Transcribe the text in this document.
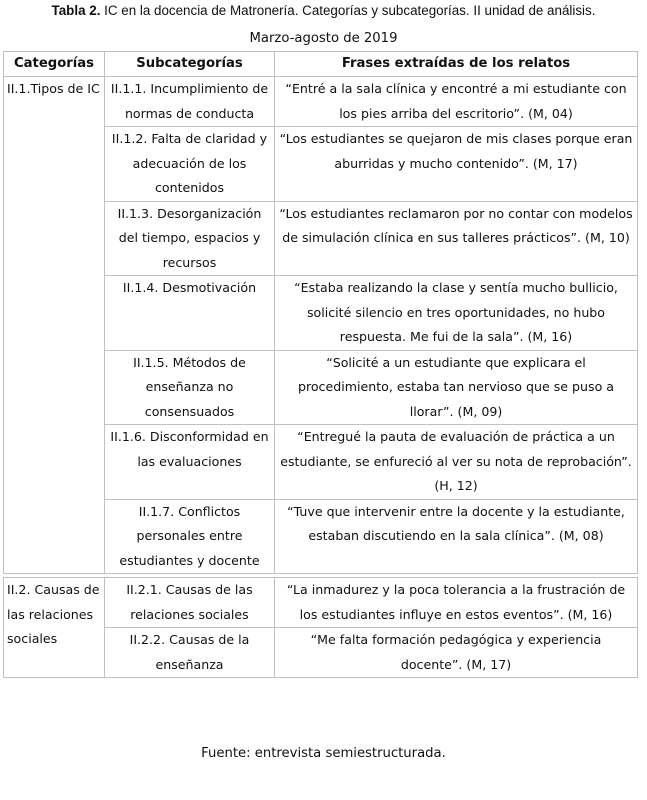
Tabla 2. IC en la docencia de Matronería. Categorías y subcategorías. II unidad de análisis.
Marzo-agosto de 2019
Categorías	Subcategorías	Frases extraídas de los relatos
II.1.Tipos de IC	II.1.1. Incumplimiento de normas de conducta	“Entré a la sala clínica y encontré a mi estudiante con los pies arriba del escritorio”. (M, 04)
	II.1.2. Falta de claridad y adecuación de los contenidos	“Los estudiantes se quejaron de mis clases porque eran aburridas y mucho contenido”. (M, 17)
	II.1.3. Desorganización del tiempo, espacios y recursos	“Los estudiantes reclamaron por no contar con modelos de simulación clínica en sus talleres prácticos”. (M, 10)
	II.1.4. Desmotivación	“Estaba realizando la clase y sentía mucho bullicio, solicité silencio en tres oportunidades, no hubo respuesta. Me fui de la sala”. (M, 16)
	II.1.5. Métodos de enseñanza no consensuados	“Solicité a un estudiante que explicara el procedimiento, estaba tan nervioso que se puso a llorar”. (M, 09)
	II.1.6. Disconformidad en las evaluaciones	“Entregué la pauta de evaluación de práctica a un estudiante, se enfureció al ver su nota de reprobación”. (H, 12)
	II.1.7. Conflictos personales entre estudiantes y docente	“Tuve que intervenir entre la docente y la estudiante, estaban discutiendo en la sala clínica”. (M, 08)

II.2. Causas de las relaciones sociales	II.2.1. Causas de las relaciones sociales	“La inmadurez y la poca tolerancia a la frustración de los estudiantes influye en estos eventos”. (M, 16)
	II.2.2. Causas de la enseñanza	“Me falta formación pedagógica y experiencia docente”. (M, 17)
Fuente: entrevista semiestructurada.
